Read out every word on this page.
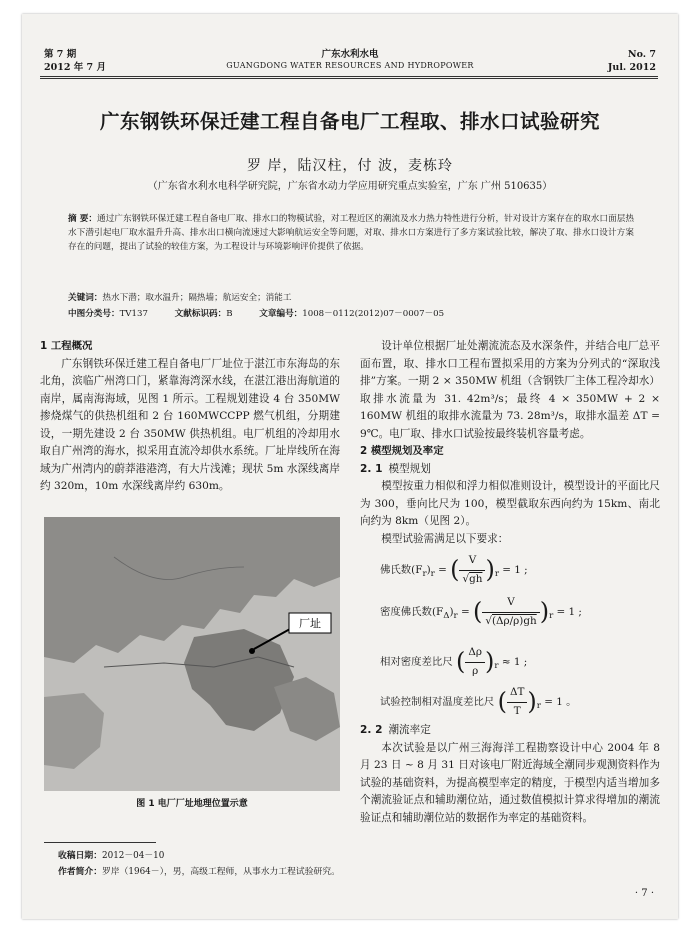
第 7 期
2012 年 7 月
广东水利水电
GUANGDONG WATER RESOURCES AND HYDROPOWER
No. 7
Jul. 2012
广东钢铁环保迁建工程自备电厂工程取、排水口试验研究
罗 岸，陆汉柱，付 波，麦栋玲
（广东省水利水电科学研究院，广东省水动力学应用研究重点实验室，广东 广州 510635）
摘 要：通过广东钢铁环保迁建工程自备电厂取、排水口的物模试验，对工程近区的潮流及水力热力特性进行分析，针对设计方案存在的取水口面层热水下潜引起电厂取水温升升高、排水出口横向流速过大影响航运安全等问题，对取、排水口方案进行了多方案试验比较，解决了取、排水口设计方案存在的问题，提出了试验的较佳方案，为工程设计与环境影响评价提供了依据。
关键词：热水下潜；取水温升；隔热墙；航运安全；消能工
中图分类号：TV137	文献标识码：B	文章编号：1008－0112(2012)07－0007－05
1 工程概况

广东钢铁环保迁建工程自备电厂厂址位于湛江市东海岛的东北角，滨临广州湾口门，紧靠海湾深水线，在湛江港出海航道的南岸，属南海海域，见图 1 所示。工程规划建设 4 台 350MW 掺烧煤气的供热机组和 2 台 160MWCCPP 燃气机组，分期建设，一期先建设 2 台 350MW 供热机组。电厂机组的冷却用水取自广州湾的海水，拟采用直流冷却供水系统。厂址岸线所在海域为广州湾内的蔚莽港港湾，有大片浅滩；现状 5m 水深线离岸约 320m，10m 水深线离岸约 630m。

厂址
图 1 电厂厂址地理位置示意

设计单位根据厂址处潮流流态及水深条件，并结合电厂总平面布置，取、排水口工程布置拟采用的方案为分列式的“深取浅排”方案。一期 2 × 350MW 机组（含钢铁厂主体工程冷却水）取排水流量为 31. 42m³/s；最终 4 × 350MW + 2 × 160MW 机组的取排水流量为 73. 28m³/s，取排水温差 ΔT = 9℃。电厂取、排水口试验按最终装机容量考虑。

2 模型规划及率定
2. 1 模型规划

模型按重力相似和浮力相似准则设计，模型设计的平面比尺为 300，垂向比尺为 100，模型截取东西向约为 15km、南北向约为 8km（见图 2）。

模型试验需满足以下要求：

佛氏数$(F_r)_r$ = ( $\frac{V}{√gh} )_r = 1$ ;
密度佛氏数$(F_\Delta)_r$ = ( $\frac{V}{√(\Delta\rho/\rho)gh} )_r = 1$ ;
相对密度差比尺 ( $\frac{\Delta\rho}{\rho} )_r \approx 1$ ;
试验控制相对温度差比尺 ( $\frac{\Delta T}{T} )_r = 1$ 。
2. 2 潮流率定

本次试验是以广州三海海洋工程勘察设计中心 2004 年 8 月 23 日 ~ 8 月 31 日对该电厂附近海域全潮同步观测资料作为试验的基础资料，为提高模型率定的精度，于模型内适当增加多个潮流验证点和辅助潮位站，通过数值模拟计算求得增加的潮流验证点和辅助潮位站的数据作为率定的基础资料。

收稿日期：2012－04－10
作者简介：罗岸（1964－），男，高级工程师，从事水力工程试验研究。
· 7 ·
